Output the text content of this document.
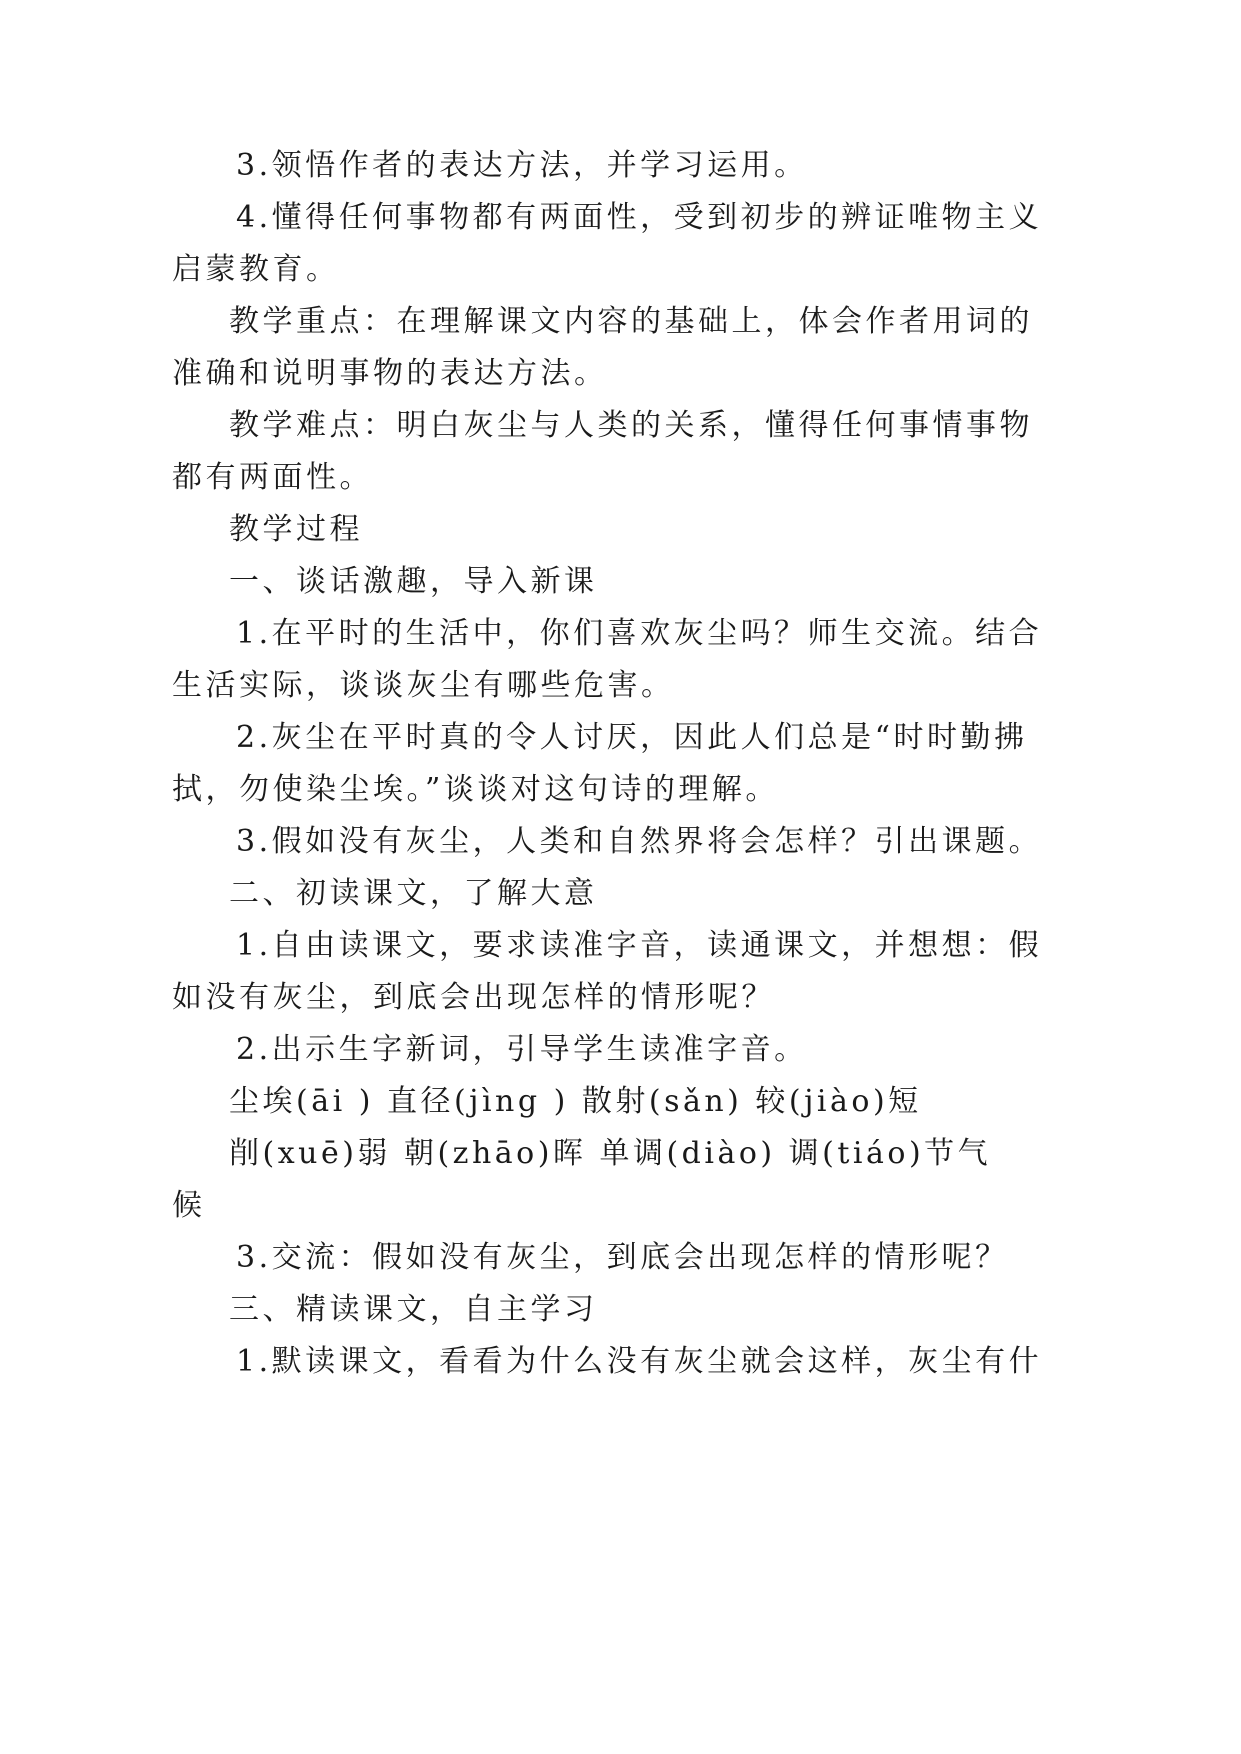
3.领悟作者的表达方法，并学习运用。
4.懂得任何事物都有两面性，受到初步的辨证唯物主义
启蒙教育。
教学重点：在理解课文内容的基础上，体会作者用词的
准确和说明事物的表达方法。
教学难点：明白灰尘与人类的关系，懂得任何事情事物
都有两面性。
教学过程
一、谈话激趣，导入新课
1.在平时的生活中，你们喜欢灰尘吗？师生交流。结合
生活实际，谈谈灰尘有哪些危害。
2.灰尘在平时真的令人讨厌，因此人们总是“时时勤拂
拭，勿使染尘埃。”谈谈对这句诗的理解。
3.假如没有灰尘，人类和自然界将会怎样？引出课题。
二、初读课文，了解大意
1.自由读课文，要求读准字音，读通课文，并想想：假
如没有灰尘，到底会出现怎样的情形呢？
2.出示生字新词，引导学生读准字音。
尘埃(āi ) 直径(jìng ) 散射(sǎn) 较(jiào)短
削(xuē)弱 朝(zhāo)晖 单调(diào) 调(tiáo)节气
候
3.交流：假如没有灰尘，到底会出现怎样的情形呢？
三、精读课文，自主学习
1.默读课文，看看为什么没有灰尘就会这样，灰尘有什
